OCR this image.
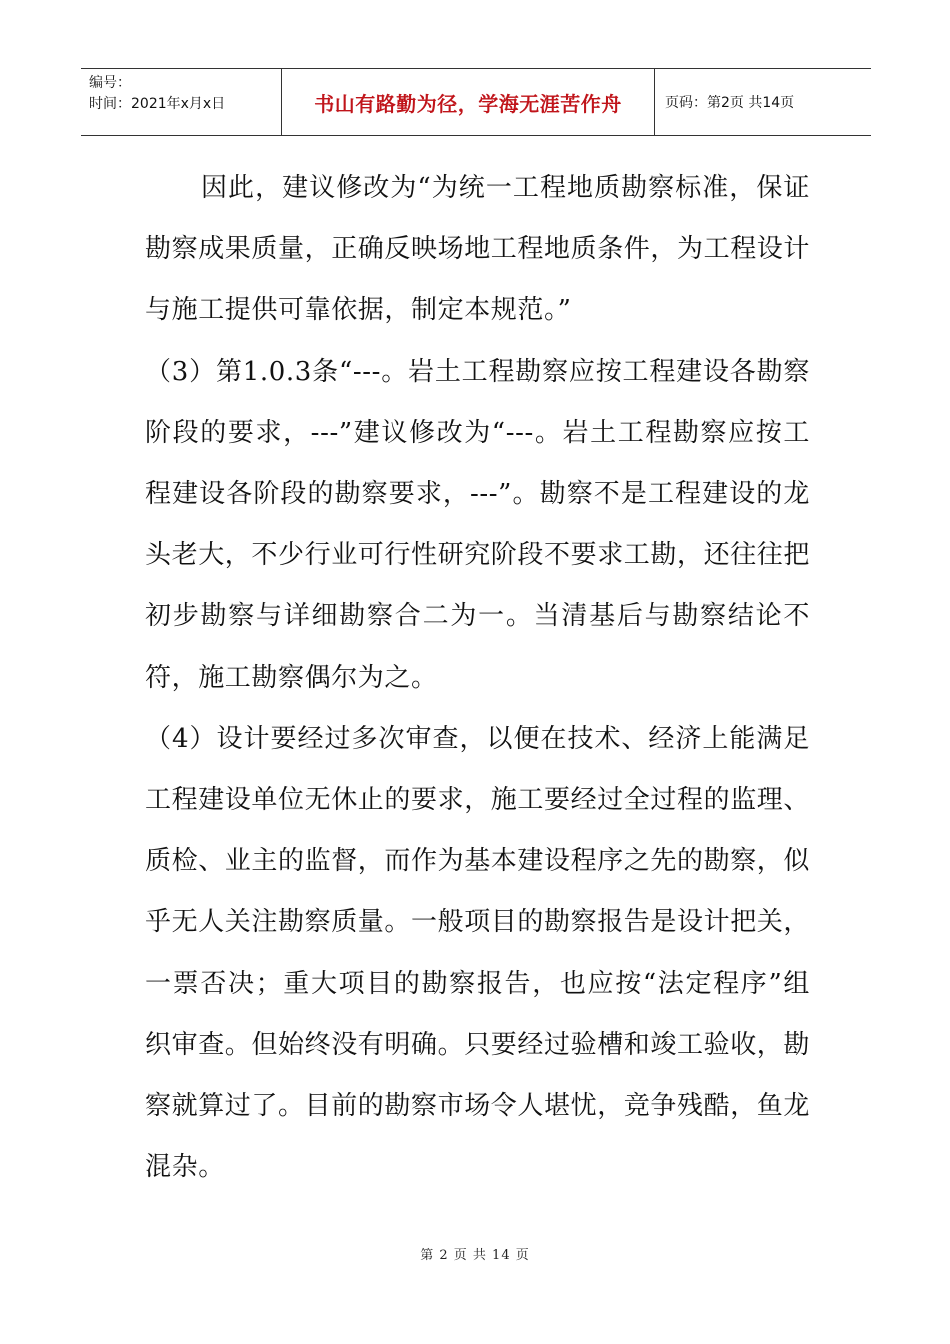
编号：
时间：2021年x月x日	书山有路勤为径，学海无涯苦作舟	页码：第2页 共14页

因此，建议修改为“为统一工程地质勘察标准，保证勘察成果质量，正确反映场地工程地质条件，为工程设计与施工提供可靠依据，制定本规范。”

（3）第1.0.3条“---。岩土工程勘察应按工程建设各勘察阶段的要求，---”建议修改为“---。岩土工程勘察应按工程建设各阶段的勘察要求，---”。勘察不是工程建设的龙头老大，不少行业可行性研究阶段不要求工勘，还往往把初步勘察与详细勘察合二为一。当清基后与勘察结论不符，施工勘察偶尔为之。

（4）设计要经过多次审查，以便在技术、经济上能满足工程建设单位无休止的要求，施工要经过全过程的监理、质检、业主的监督，而作为基本建设程序之先的勘察，似乎无人关注勘察质量。一般项目的勘察报告是设计把关，一票否决；重大项目的勘察报告，也应按“法定程序”组织审查。但始终没有明确。只要经过验槽和竣工验收，勘察就算过了。目前的勘察市场令人堪忧，竞争残酷，鱼龙混杂。

第 2 页 共 14 页
